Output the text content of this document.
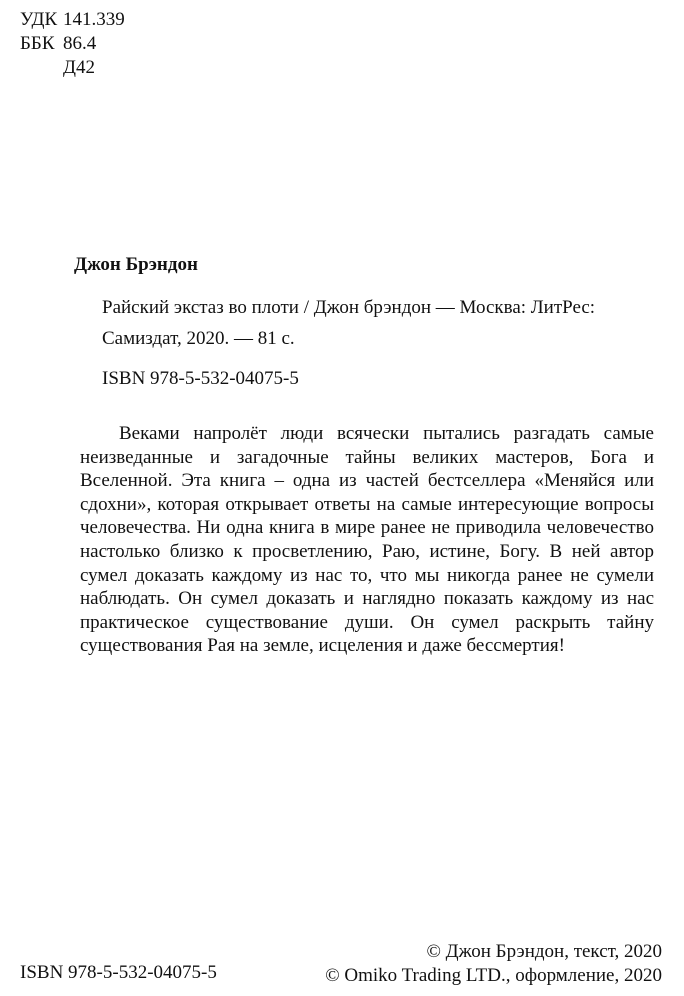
УДК 141.339
ББК 86.4
Д42
Джон Брэндон
Райский экстаз во плоти / Джон брэндон — Москва: ЛитРес: Самиздат, 2020. — 81 с.
ISBN 978-5-532-04075-5

Веками напролёт люди всячески пытались разгадать самые неизведанные и загадочные тайны великих мастеров, Бога и Вселенной. Эта книга – одна из частей бестселлера «Меняйся или сдохни», которая открывает ответы на самые интересующие вопросы человечества. Ни одна книга в мире ранее не приводила человечество настолько близко к просветлению, Раю, истине, Богу. В ней автор сумел доказать каждому из нас то, что мы никогда ранее не сумели наблюдать. Он сумел доказать и наглядно показать каждому из нас практическое существование души. Он сумел раскрыть тайну существования Рая на земле, исцеления и даже бессмертия!

ISBN 978-5-532-04075-5
© Джон Брэндон, текст, 2020
© Omiko Trading LTD., оформление, 2020
